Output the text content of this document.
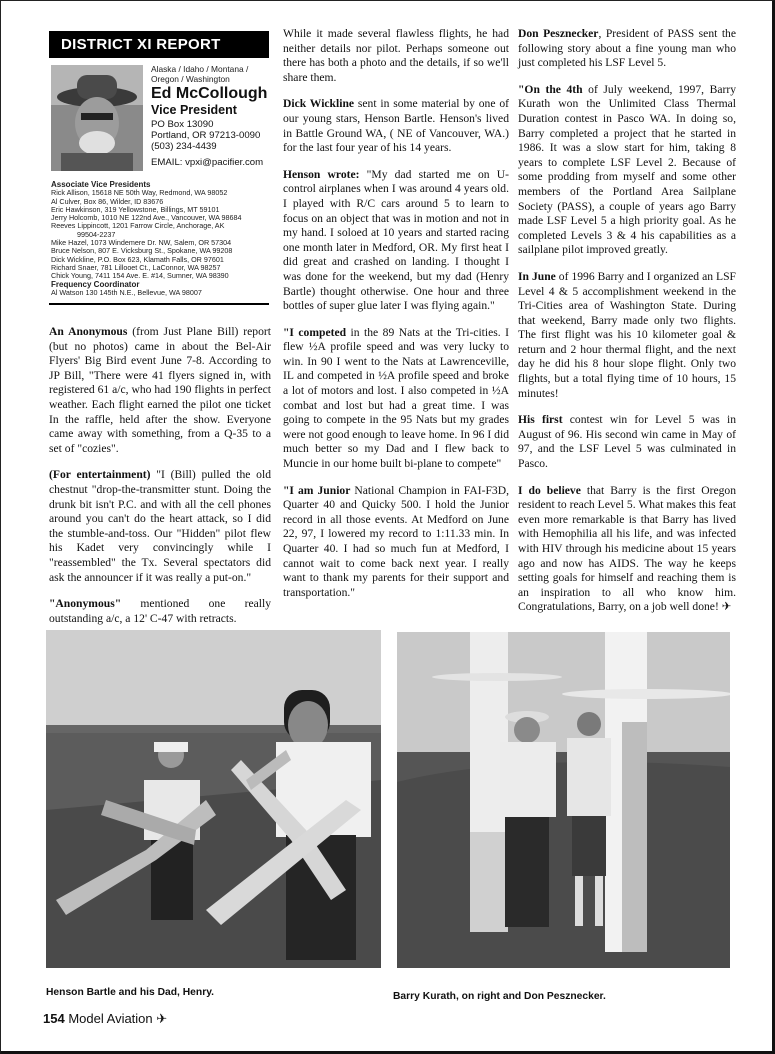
DISTRICT XI REPORT
Alaska / Idaho / Montana /
Oregon / Washington
Ed McCollough
Vice President
PO Box 13090
Portland, OR 97213-0090
(503) 234-4439
EMAIL: vpxi@pacifier.com
Associate Vice Presidents
Rick Allison, 15618 NE 50th Way, Redmond, WA 98052
Al Culver, Box 86, Wilder, ID 83676
Eric Hawkinson, 319 Yellowstone, Billings, MT 59101
Jerry Holcomb, 1010 NE 122nd Ave., Vancouver, WA 98684
Reeves Lippincott, 1201 Farrow Circle, Anchorage, AK
99504-2237
Mike Hazel, 1073 Windemere Dr. NW, Salem, OR 57304
Bruce Nelson, 807 E. Vicksburg St., Spokane, WA 99208
Dick Wickline, P.O. Box 623, Klamath Falls, OR 97601
Richard Snaer, 781 Lillooet Ct., LaConnor, WA 98257
Chick Young, 7411 154 Ave. E. #14, Sumner, WA 98390
Frequency Coordinator
Al Watson 130 145th N.E., Bellevue, WA 98007

An Anonymous (from Just Plane Bill) report (but no photos) came in about the Bel-Air Flyers' Big Bird event June 7-8. According to JP Bill, "There were 41 flyers signed in, with registered 61 a/c, who had 190 flights in perfect weather. Each flight earned the pilot one ticket In the raffle, held after the show. Everyone came away with something, from a Q-35 to a set of "cozies".

(For entertainment) "I (Bill) pulled the old chestnut "drop-the-transmitter stunt. Doing the drunk bit isn't P.C. and with all the cell phones around you can't do the heart attack, so I did the stumble-and-toss. Our "Hidden" pilot flew his Kadet very convincingly while I "reassembled" the Tx. Several spectators did ask the announcer if it was really a put-on."

"Anonymous" mentioned one really outstanding a/c, a 12' C-47 with retracts.

While it made several flawless flights, he had neither details nor pilot. Perhaps someone out there has both a photo and the details, if so we'll share them.

Dick Wickline sent in some material by one of our young stars, Henson Bartle. Henson's lived in Battle Ground WA, ( NE of Vancouver, WA.) for the last four year of his 14 years.

Henson wrote: "My dad started me on U-control airplanes when I was around 4 years old. I played with R/C cars around 5 to learn to focus on an object that was in motion and not in my hand. I soloed at 10 years and started racing one month later in Medford, OR. My first heat I did great and crashed on landing. I thought I was done for the weekend, but my dad (Henry Bartle) thought otherwise. One hour and three bottles of super glue later I was flying again."

"I competed in the 89 Nats at the Tri-cities. I flew ½A profile speed and was very lucky to win. In 90 I went to the Nats at Lawrenceville, IL and competed in ½A profile speed and broke a lot of motors and lost. I also competed in ½A combat and lost but had a great time. I was going to compete in the 95 Nats but my grades were not good enough to leave home. In 96 I did much better so my Dad and I flew back to Muncie in our home built bi-plane to compete"

"I am Junior National Champion in FAI-F3D, Quarter 40 and Quicky 500. I hold the Junior record in all those events. At Medford on June 22, 97, I lowered my record to 1:11.33 min. In Quarter 40. I had so much fun at Medford, I cannot wait to come back next year. I really want to thank my parents for their support and transportation."

Don Pesznecker, President of PASS sent the following story about a fine young man who just completed his LSF Level 5.

"On the 4th of July weekend, 1997, Barry Kurath won the Unlimited Class Thermal Duration contest in Pasco WA. In doing so, Barry completed a project that he started in 1986. It was a slow start for him, taking 8 years to complete LSF Level 2. Because of some prodding from myself and some other members of the Portland Area Sailplane Society (PASS), a couple of years ago Barry made LSF Level 5 a high priority goal. As he completed Levels 3 & 4 his capabilities as a sailplane pilot improved greatly.

In June of 1996 Barry and I organized an LSF Level 4 & 5 accomplishment weekend in the Tri-Cities area of Washington State. During that weekend, Barry made only two flights. The first flight was his 10 kilometer goal & return and 2 hour thermal flight, and the next day he did his 8 hour slope flight. Only two flights, but a total flying time of 10 hours, 15 minutes!

His first contest win for Level 5 was in August of 96. His second win came in May of 97, and the LSF Level 5 was culminated in Pasco.

I do believe that Barry is the first Oregon resident to reach Level 5. What makes this feat even more remarkable is that Barry has lived with Hemophilia all his life, and was infected with HIV through his medicine about 15 years ago and now has AIDS. The way he keeps setting goals for himself and reaching them is an inspiration to all who know him. Congratulations, Barry, on a job well done! ✈

Henson Bartle and his Dad, Henry.	Barry Kurath, on right and Don Pesznecker.
154 Model Aviation ✈
